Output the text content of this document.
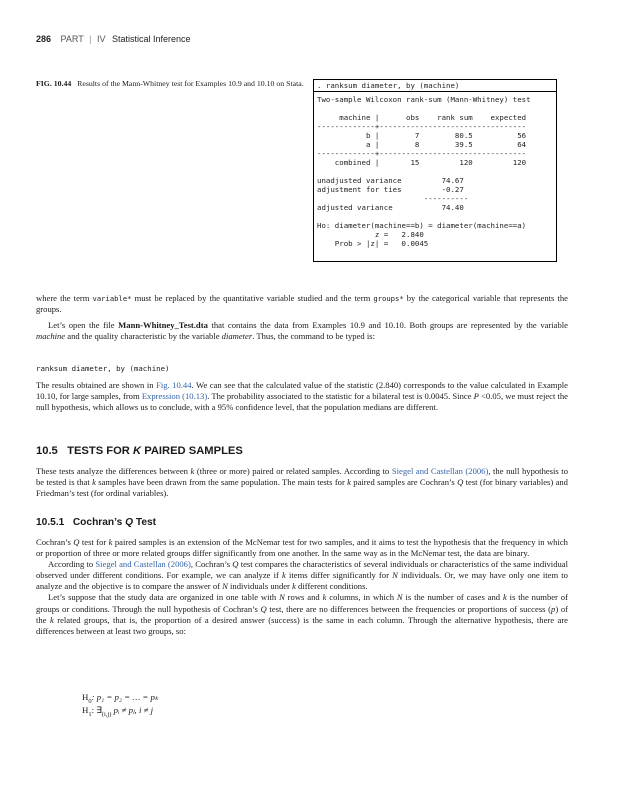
286 PART | IV Statistical Inference
FIG. 10.44 Results of the Mann-Whitney test for Examples 10.9 and 10.10 on Stata.	. ranksum diameter, by (machine)
Two-sample Wilcoxon rank-sum (Mann-Whitney) test

machine |      obs    rank sum    expected
-------------+---------------------------------
b |        7        80.5          56
a |        8        39.5          64
-------------+---------------------------------
combined |       15         120         120

unadjusted variance         74.67
adjustment for ties         -0.27
----------
adjusted variance           74.40

Ho: diameter(machine==b) = diameter(machine==a)
z =   2.840
Prob > |z| =   0.0045

where the term variable* must be replaced by the quantitative variable studied and the term groups* by the categorical variable that represents the groups.

Let’s open the file Mann-Whitney_Test.dta that contains the data from Examples 10.9 and 10.10. Both groups are represented by the variable machine and the quality characteristic by the variable diameter. Thus, the command to be typed is:

ranksum diameter, by (machine)

The results obtained are shown in Fig. 10.44. We can see that the calculated value of the statistic (2.840) corresponds to the value calculated in Example 10.10, for large samples, from Expression (10.13). The probability associated to the statistic for a bilateral test is 0.0045. Since P <0.05, we must reject the null hypothesis, which allows us to conclude, with a 95% confidence level, that the population medians are different.

10.5 TESTS FOR K PAIRED SAMPLES

These tests analyze the differences between k (three or more) paired or related samples. According to Siegel and Castellan (2006), the null hypothesis to be tested is that k samples have been drawn from the same population. The main tests for k paired samples are Cochran’s Q test (for binary variables) and Friedman’s test (for ordinal variables).

10.5.1 Cochran’s Q Test

Cochran’s Q test for k paired samples is an extension of the McNemar test for two samples, and it aims to test the hypothesis that the frequency in which or proportion of three or more related groups differ significantly from one another. In the same way as in the McNemar test, the data are binary.

According to Siegel and Castellan (2006), Cochran’s Q test compares the characteristics of several individuals or characteristics of the same individual observed under different conditions. For example, we can analyze if k items differ significantly for N individuals. Or, we may have only one item to analyze and the objective is to compare the answer of N individuals under k different conditions.

Let’s suppose that the study data are organized in one table with N rows and k columns, in which N is the number of cases and k is the number of groups or conditions. Through the null hypothesis of Cochran’s Q test, there are no differences between the frequencies or proportions of success (p) of the k related groups, that is, the proportion of a desired answer (success) is the same in each column. Through the alternative hypothesis, there are differences between at least two groups, so:

$H_0$: p₁ = p₂ = … = pₖ
$H_1$: $\exists_{(i,j)}$ pᵢ ≠ pⱼ, i ≠ j
